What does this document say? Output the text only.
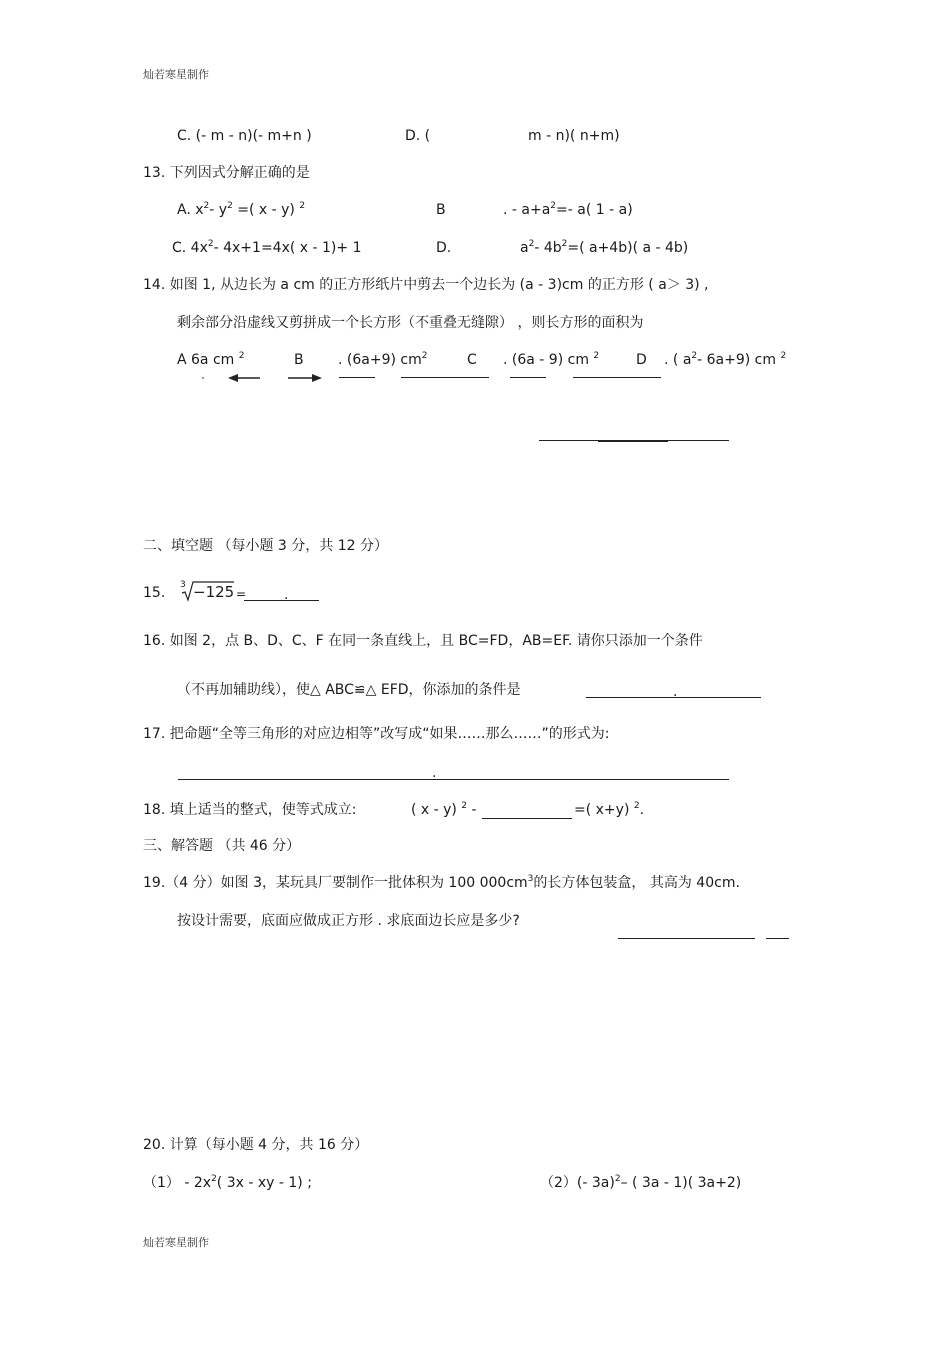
灿若寒星制作
C. (- m - n)(- m+n )	D. (	m - n)( n+m)
13. 下列因式分解正确的是
A. $x^2-$ $y^2$ =( x - y) $^2$	B	. - $a+a^2=-$ a( 1 - a)
C. $4x^2-$ 4x+1=4x( x - 1)+ 1	D.	$a^2-$ $4b^2=$( a+4b)( a - 4b)
14. 如图 1, 从边长为 a cm 的正方形纸片中剪去一个边长为 (a - 3)cm 的正方形 ( a＞ 3) ,
剩余部分沿虚线又剪拼成一个长方形（不重叠无缝隙） ，则长方形的面积为
A 6a cm $^2$	B . (6a+9) $cm^2$	C . (6a - 9) cm $^2$	D . ( $a^2-$ 6a+9) cm $^2$
二、填空题 （每小题 3 分，共 12 分）
15. 3 −125 =	.
16. 如图 2，点 B、D、C、F 在同一条直线上，且 BC=FD，AB=EF. 请你只添加一个条件
（不再加辅助线），使△ ABC≌△ EFD，你添加的条件是	.
17. 把命题“全等三角形的对应边相等”改写成“如果……那么……”的形式为:
.
18. 填上适当的整式，使等式成立:	( x - y) $^2$ -	=( x+y) $^2$.
三、解答题 （共 46 分）
19.（4 分）如图 3，某玩具厂要制作一批体积为 100 $000cm^3$的长方体包装盒， 其高为 40cm.
按设计需要，底面应做成正方形 . 求底面边长应是多少?
20. 计算（每小题 4 分，共 16 分）
$(1) - 2x^2$( 3x - xy - 1) ;	（2）(- 3a)$^2$– ( 3a - 1)( 3a+2)
灿若寒星制作
